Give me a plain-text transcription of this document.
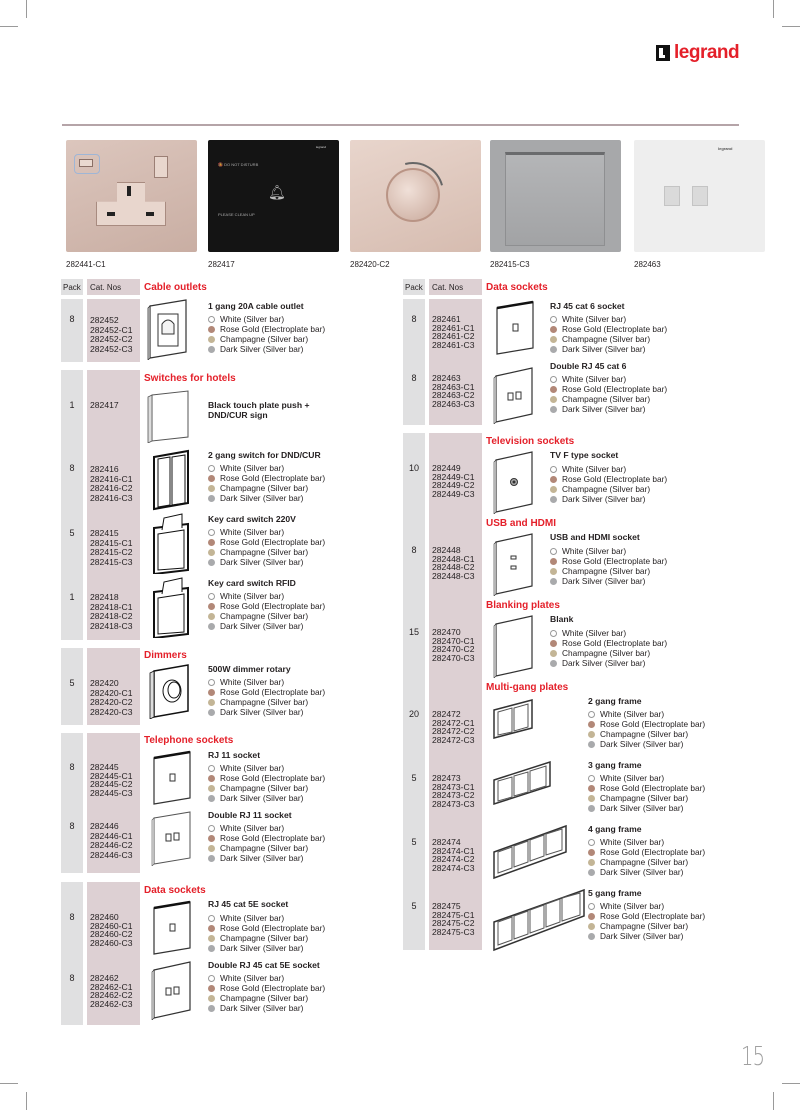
legrand
282441-C1
🔕 DO NOT DISTURB
🔔︎
PLEASE CLEAN UP
legrand
282417	282420-C2	282415-C3
legrand
282463
Pack Cat. Nos Cable outlets
8	282452
282452-C1
282452-C2
282452-C3
1 gang 20A cable outlet
White (Silver bar)
Rose Gold (Electroplate bar)
Champagne (Silver bar)
Dark Silver (Silver bar)
Switches for hotels
1	282417	Black touch plate push +
DND/CUR sign
8	282416
282416-C1
282416-C2
282416-C3
2 gang switch for DND/CUR
White (Silver bar)
Rose Gold (Electroplate bar)
Champagne (Silver bar)
Dark Silver (Silver bar)
5	282415
282415-C1
282415-C2
282415-C3
Key card switch 220V
White (Silver bar)
Rose Gold (Electroplate bar)
Champagne (Silver bar)
Dark Silver (Silver bar)
1	282418
282418-C1
282418-C2
282418-C3
Key card switch RFID
White (Silver bar)
Rose Gold (Electroplate bar)
Champagne (Silver bar)
Dark Silver (Silver bar)
Dimmers
5	282420
282420-C1
282420-C2
282420-C3
500W dimmer rotary
White (Silver bar)
Rose Gold (Electroplate bar)
Champagne (Silver bar)
Dark Silver (Silver bar)
Telephone sockets
8	282445
282445-C1
282445-C2
282445-C3
RJ 11 socket
White (Silver bar)
Rose Gold (Electroplate bar)
Champagne (Silver bar)
Dark Silver (Silver bar)
8	282446
282446-C1
282446-C2
282446-C3
Double RJ 11 socket
White (Silver bar)
Rose Gold (Electroplate bar)
Champagne (Silver bar)
Dark Silver (Silver bar)
Data sockets
8	282460
282460-C1
282460-C2
282460-C3
RJ 45 cat 5E socket
White (Silver bar)
Rose Gold (Electroplate bar)
Champagne (Silver bar)
Dark Silver (Silver bar)
8	282462
282462-C1
282462-C2
282462-C3
Double RJ 45 cat 5E socket
White (Silver bar)
Rose Gold (Electroplate bar)
Champagne (Silver bar)
Dark Silver (Silver bar)
Pack Cat. Nos Data sockets
8	282461
282461-C1
282461-C2
282461-C3
RJ 45 cat 6 socket
White (Silver bar)
Rose Gold (Electroplate bar)
Champagne (Silver bar)
Dark Silver (Silver bar)
8	282463
282463-C1
282463-C2
282463-C3
Double RJ 45 cat 6
White (Silver bar)
Rose Gold (Electroplate bar)
Champagne (Silver bar)
Dark Silver (Silver bar)
Television sockets
10	282449
282449-C1
282449-C2
282449-C3
TV F type socket
White (Silver bar)
Rose Gold (Electroplate bar)
Champagne (Silver bar)
Dark Silver (Silver bar)
USB and HDMI
8	282448
282448-C1
282448-C2
282448-C3
USB and HDMI socket
White (Silver bar)
Rose Gold (Electroplate bar)
Champagne (Silver bar)
Dark Silver (Silver bar)
Blanking plates
15	282470
282470-C1
282470-C2
282470-C3
Blank
White (Silver bar)
Rose Gold (Electroplate bar)
Champagne (Silver bar)
Dark Silver (Silver bar)
Multi-gang plates
20	282472
282472-C1
282472-C2
282472-C3
2 gang frame
White (Silver bar)
Rose Gold (Electroplate bar)
Champagne (Silver bar)
Dark Silver (Silver bar)
5	282473
282473-C1
282473-C2
282473-C3
3 gang frame
White (Silver bar)
Rose Gold (Electroplate bar)
Champagne (Silver bar)
Dark Silver (Silver bar)
5	282474
282474-C1
282474-C2
282474-C3
4 gang frame
White (Silver bar)
Rose Gold (Electroplate bar)
Champagne (Silver bar)
Dark Silver (Silver bar)
5	282475
282475-C1
282475-C2
282475-C3
5 gang frame
White (Silver bar)
Rose Gold (Electroplate bar)
Champagne (Silver bar)
Dark Silver (Silver bar)
15
